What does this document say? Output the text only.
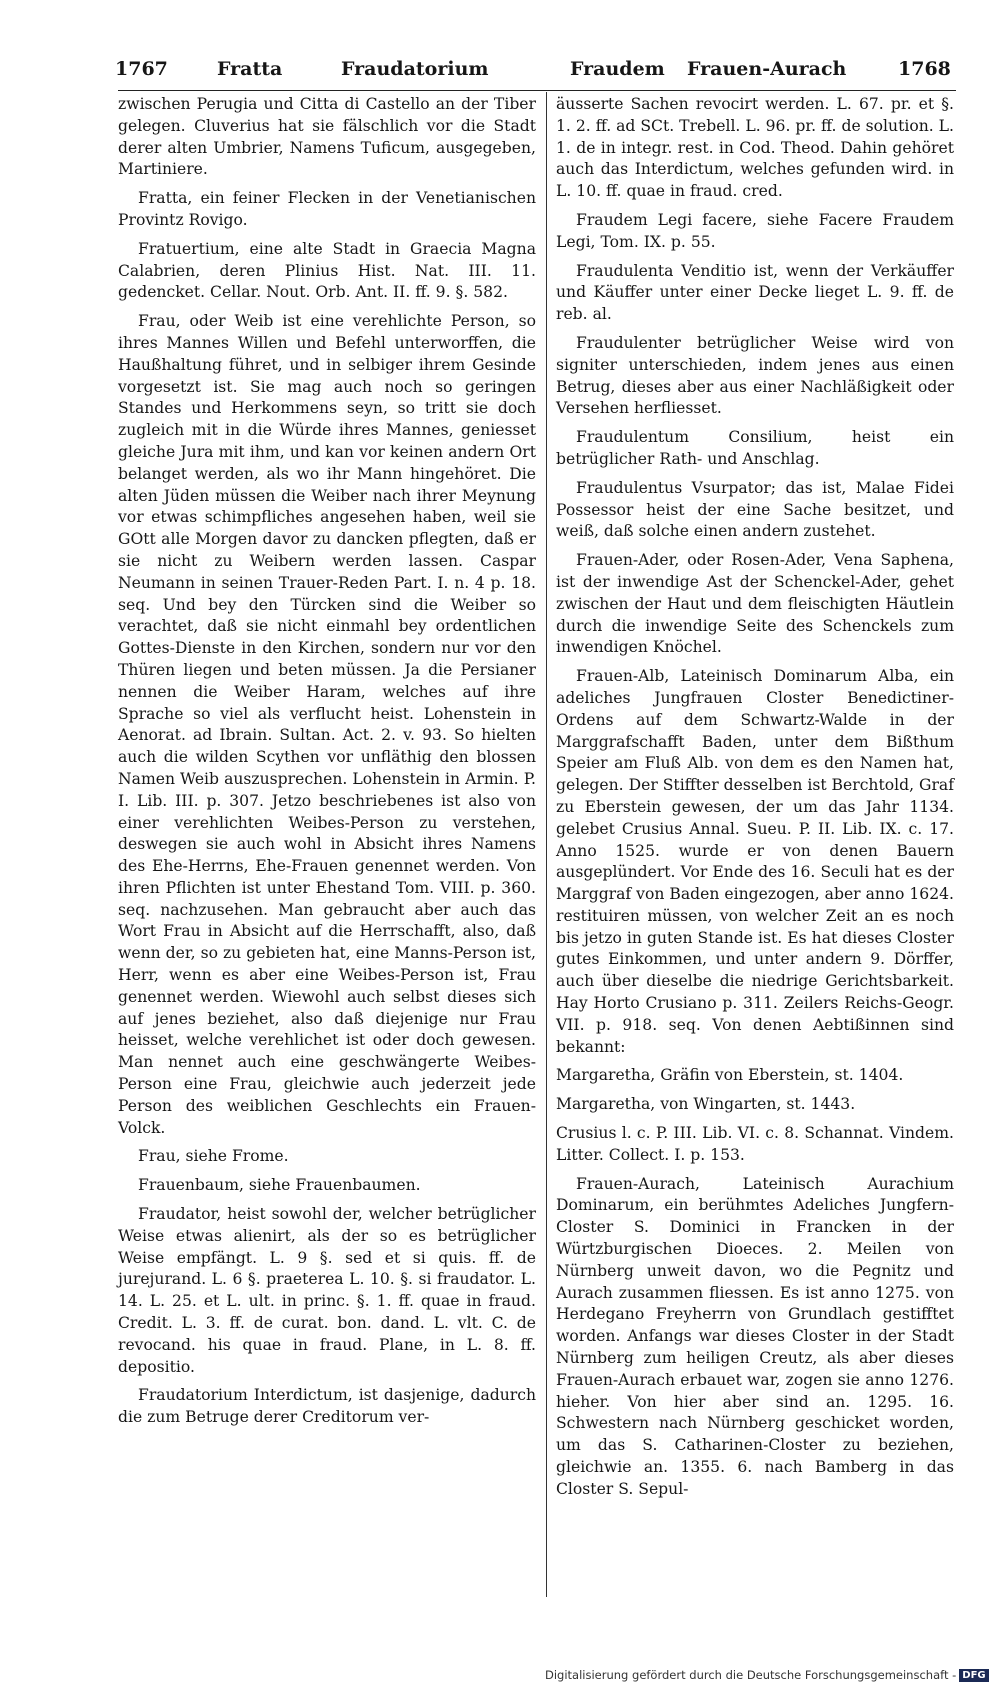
1767	Fratta	Fraudatorium	Fraudem Frauen-Aurach	1768

zwischen Perugia und Citta di Castello an der Tiber gelegen. Cluverius hat sie fälschlich vor die Stadt derer alten Umbrier, Namens Tuficum, ausgegeben, Martiniere.

Fratta, ein feiner Flecken in der Venetianischen Provintz Rovigo.

Fratuertium, eine alte Stadt in Graecia Magna Calabrien, deren Plinius Hist. Nat. III. 11. gedencket. Cellar. Nout. Orb. Ant. II. ff. 9. §. 582.

Frau, oder Weib ist eine verehlichte Person, so ihres Mannes Willen und Befehl unterworffen, die Haußhaltung führet, und in selbiger ihrem Gesinde vorgesetzt ist. Sie mag auch noch so geringen Standes und Herkommens seyn, so tritt sie doch zugleich mit in die Würde ihres Mannes, geniesset gleiche Jura mit ihm, und kan vor keinen andern Ort belanget werden, als wo ihr Mann hingehöret. Die alten Jüden müssen die Weiber nach ihrer Meynung vor etwas schimpfliches angesehen haben, weil sie GOtt alle Morgen davor zu dancken pflegten, daß er sie nicht zu Weibern werden lassen. Caspar Neumann in seinen Trauer-Reden Part. I. n. 4 p. 18. seq. Und bey den Türcken sind die Weiber so verachtet, daß sie nicht einmahl bey ordentlichen Gottes-Dienste in den Kirchen, sondern nur vor den Thüren liegen und beten müssen. Ja die Persianer nennen die Weiber Haram, welches auf ihre Sprache so viel als verflucht heist. Lohenstein in Aenorat. ad Ibrain. Sultan. Act. 2. v. 93. So hielten auch die wilden Scythen vor unfläthig den blossen Namen Weib auszusprechen. Lohenstein in Armin. P. I. Lib. III. p. 307. Jetzo beschriebenes ist also von einer verehlichten Weibes-Person zu verstehen, deswegen sie auch wohl in Absicht ihres Namens des Ehe-Herrns, Ehe-Frauen genennet werden. Von ihren Pflichten ist unter Ehestand Tom. VIII. p. 360. seq. nachzusehen. Man gebraucht aber auch das Wort Frau in Absicht auf die Herrschafft, also, daß wenn der, so zu gebieten hat, eine Manns-Person ist, Herr, wenn es aber eine Weibes-Person ist, Frau genennet werden. Wiewohl auch selbst dieses sich auf jenes beziehet, also daß diejenige nur Frau heisset, welche verehlichet ist oder doch gewesen. Man nennet auch eine geschwängerte Weibes-Person eine Frau, gleichwie auch jederzeit jede Person des weiblichen Geschlechts ein Frauen-Volck.

Frau, siehe Frome.

Frauenbaum, siehe Frauenbaumen.

Fraudator, heist sowohl der, welcher betrüglicher Weise etwas alienirt, als der so es betrüglicher Weise empfängt. L. 9 §. sed et si quis. ff. de jurejurand. L. 6 §. praeterea L. 10. §. si fraudator. L. 14. L. 25. et L. ult. in princ. §. 1. ff. quae in fraud. Credit. L. 3. ff. de curat. bon. dand. L. vlt. C. de revocand. his quae in fraud. Plane, in L. 8. ff. depositio.

Fraudatorium Interdictum, ist dasjenige, dadurch die zum Betruge derer Creditorum ver-

äusserte Sachen revocirt werden. L. 67. pr. et §. 1. 2. ff. ad SCt. Trebell. L. 96. pr. ff. de solution. L. 1. de in integr. rest. in Cod. Theod. Dahin gehöret auch das Interdictum, welches gefunden wird. in L. 10. ff. quae in fraud. cred.

Fraudem Legi facere, siehe Facere Fraudem Legi, Tom. IX. p. 55.

Fraudulenta Venditio ist, wenn der Verkäuffer und Käuffer unter einer Decke lieget L. 9. ff. de reb. al.

Fraudulenter betrüglicher Weise wird von signiter unterschieden, indem jenes aus einen Betrug, dieses aber aus einer Nachläßigkeit oder Versehen herfliesset.

Fraudulentum Consilium, heist ein betrüglicher Rath- und Anschlag.

Fraudulentus Vsurpator; das ist, Malae Fidei Possessor heist der eine Sache besitzet, und weiß, daß solche einen andern zustehet.

Frauen-Ader, oder Rosen-Ader, Vena Saphena, ist der inwendige Ast der Schenckel-Ader, gehet zwischen der Haut und dem fleischigten Häutlein durch die inwendige Seite des Schenckels zum inwendigen Knöchel.

Frauen-Alb, Lateinisch Dominarum Alba, ein adeliches Jungfrauen Closter Benedictiner-Ordens auf dem Schwartz-Walde in der Marggrafschafft Baden, unter dem Bißthum Speier am Fluß Alb. von dem es den Namen hat, gelegen. Der Stiffter desselben ist Berchtold, Graf zu Eberstein gewesen, der um das Jahr 1134. gelebet Crusius Annal. Sueu. P. II. Lib. IX. c. 17. Anno 1525. wurde er von denen Bauern ausgeplündert. Vor Ende des 16. Seculi hat es der Marggraf von Baden eingezogen, aber anno 1624. restituiren müssen, von welcher Zeit an es noch bis jetzo in guten Stande ist. Es hat dieses Closter gutes Einkommen, und unter andern 9. Dörffer, auch über dieselbe die niedrige Gerichtsbarkeit. Hay Horto Crusiano p. 311. Zeilers Reichs-Geogr. VII. p. 918. seq. Von denen Aebtißinnen sind bekannt:

Margaretha, Gräfin von Eberstein, st. 1404.

Margaretha, von Wingarten, st. 1443.

Crusius l. c. P. III. Lib. VI. c. 8. Schannat. Vindem. Litter. Collect. I. p. 153.

Frauen-Aurach, Lateinisch Aurachium Dominarum, ein berühmtes Adeliches Jungfern-Closter S. Dominici in Francken in der Würtzburgischen Dioeces. 2. Meilen von Nürnberg unweit davon, wo die Pegnitz und Aurach zusammen fliessen. Es ist anno 1275. von Herdegano Freyherrn von Grundlach gestifftet worden. Anfangs war dieses Closter in der Stadt Nürnberg zum heiligen Creutz, als aber dieses Frauen-Aurach erbauet war, zogen sie anno 1276. hieher. Von hier aber sind an. 1295. 16. Schwestern nach Nürnberg geschicket worden, um das S. Catharinen-Closter zu beziehen, gleichwie an. 1355. 6. nach Bamberg in das Closter S. Sepul-

Digitalisierung gefördert durch die Deutsche Forschungsgemeinschaft - DFG
